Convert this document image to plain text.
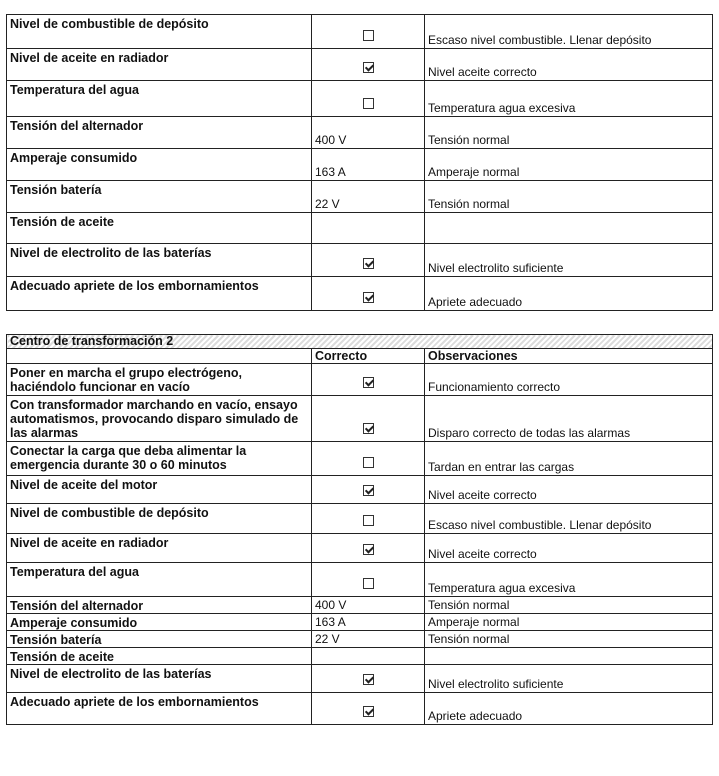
Nivel de combustible de depósito		Escaso nivel combustible. Llenar depósito
Nivel de aceite en radiador		Nivel aceite correcto
Temperatura del agua		Temperatura agua excesiva
Tensión del alternador	400 V	Tensión normal
Amperaje consumido	163 A	Amperaje normal
Tensión batería	22 V	Tensión normal
Tensión de aceite		
Nivel de electrolito de las baterías		Nivel electrolito suficiente
Adecuado apriete de los embornamientos		Apriete adecuado
Centro de transformación 2		
	Correcto	Observaciones
Poner en marcha el grupo electrógeno, haciéndolo funcionar en vacío		Funcionamiento correcto
Con transformador marchando en vacío, ensayo automatismos, provocando disparo simulado de las alarmas		Disparo correcto de todas las alarmas
Conectar la carga que deba alimentar la emergencia durante 30 o 60 minutos		Tardan en entrar las cargas
Nivel de aceite del motor		Nivel aceite correcto
Nivel de combustible de depósito		Escaso nivel combustible. Llenar depósito
Nivel de aceite en radiador		Nivel aceite correcto
Temperatura del agua		Temperatura agua excesiva
Tensión del alternador	400 V	Tensión normal
Amperaje consumido	163 A	Amperaje normal
Tensión batería	22 V	Tensión normal
Tensión de aceite		
Nivel de electrolito de las baterías		Nivel electrolito suficiente
Adecuado apriete de los embornamientos		Apriete adecuado
